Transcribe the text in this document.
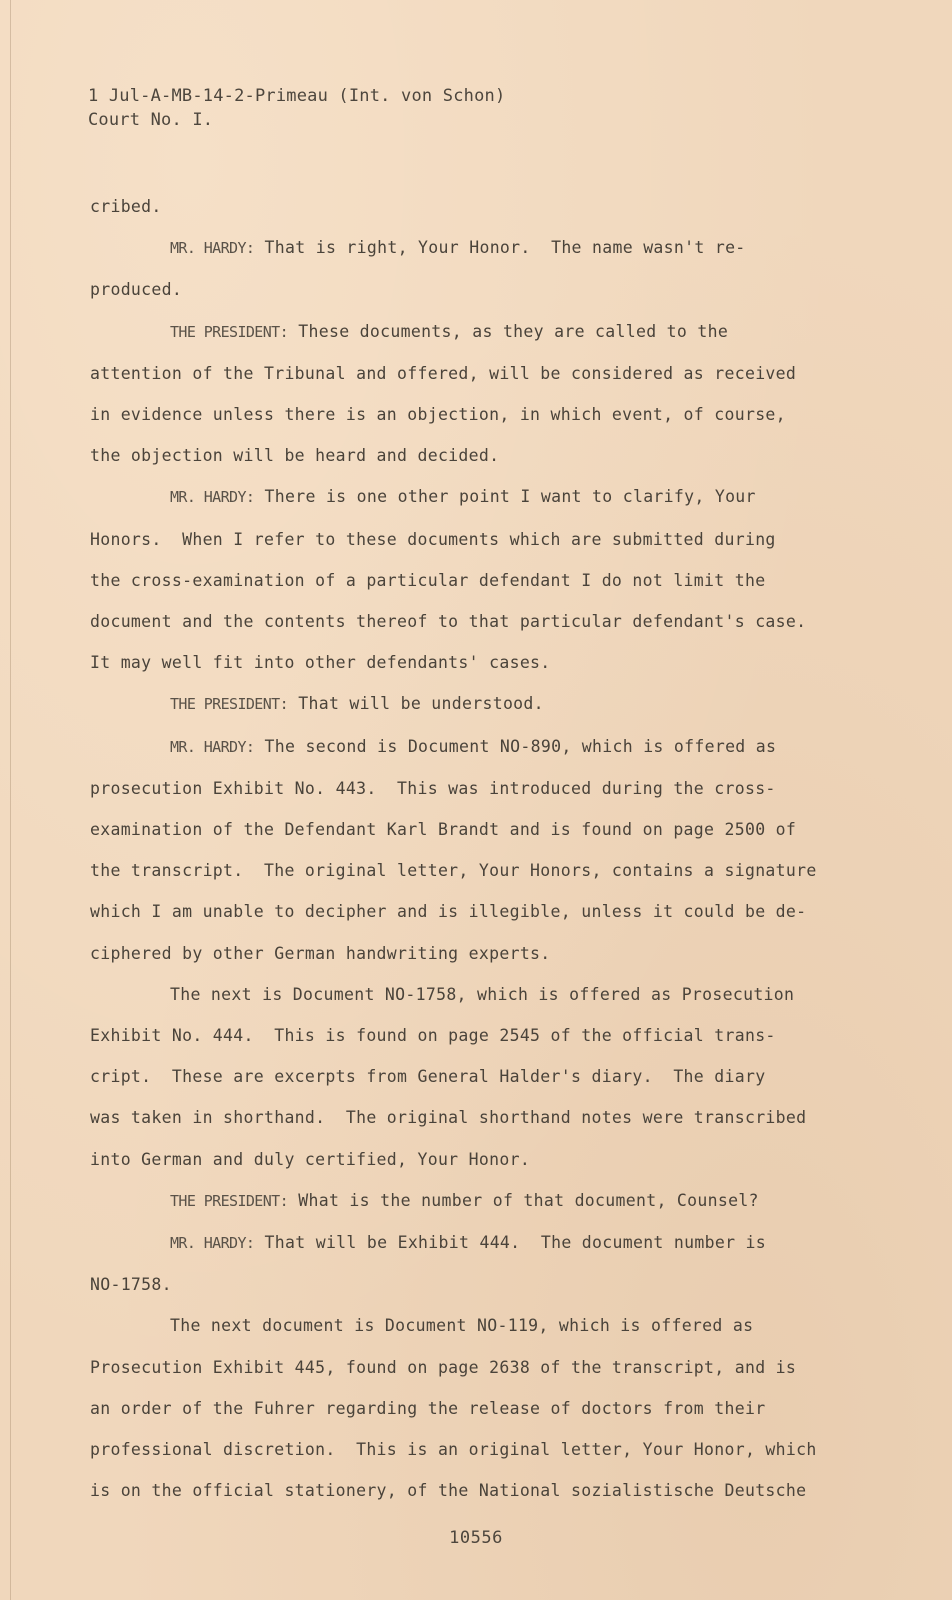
1 Jul-A-MB-14-2-Primeau (Int. von Schon)
Court No. I.

cribed.

MR. HARDY: That is right, Your Honor.  The name wasn't re-

produced.

THE PRESIDENT: These documents, as they are called to the

attention of the Tribunal and offered, will be considered as received

in evidence unless there is an objection, in which event, of course,

the objection will be heard and decided.

MR. HARDY: There is one other point I want to clarify, Your

Honors.  When I refer to these documents which are submitted during

the cross-examination of a particular defendant I do not limit the

document and the contents thereof to that particular defendant's case.

It may well fit into other defendants' cases.

THE PRESIDENT: That will be understood.

MR. HARDY: The second is Document NO-890, which is offered as

prosecution Exhibit No. 443.  This was introduced during the cross-

examination of the Defendant Karl Brandt and is found on page 2500 of

the transcript.  The original letter, Your Honors, contains a signature

which I am unable to decipher and is illegible, unless it could be de-

ciphered by other German handwriting experts.

The next is Document NO-1758, which is offered as Prosecution

Exhibit No. 444.  This is found on page 2545 of the official trans-

cript.  These are excerpts from General Halder's diary.  The diary

was taken in shorthand.  The original shorthand notes were transcribed

into German and duly certified, Your Honor.

THE PRESIDENT: What is the number of that document, Counsel?

MR. HARDY: That will be Exhibit 444.  The document number is

NO-1758.

The next document is Document NO-119, which is offered as

Prosecution Exhibit 445, found on page 2638 of the transcript, and is

an order of the Fuhrer regarding the release of doctors from their

professional discretion.  This is an original letter, Your Honor, which

is on the official stationery, of the National sozialistische Deutsche

10556
